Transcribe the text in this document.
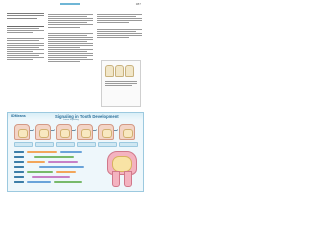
387
IDMeans	Signaling in Tooth Development
Lorem Signaling
